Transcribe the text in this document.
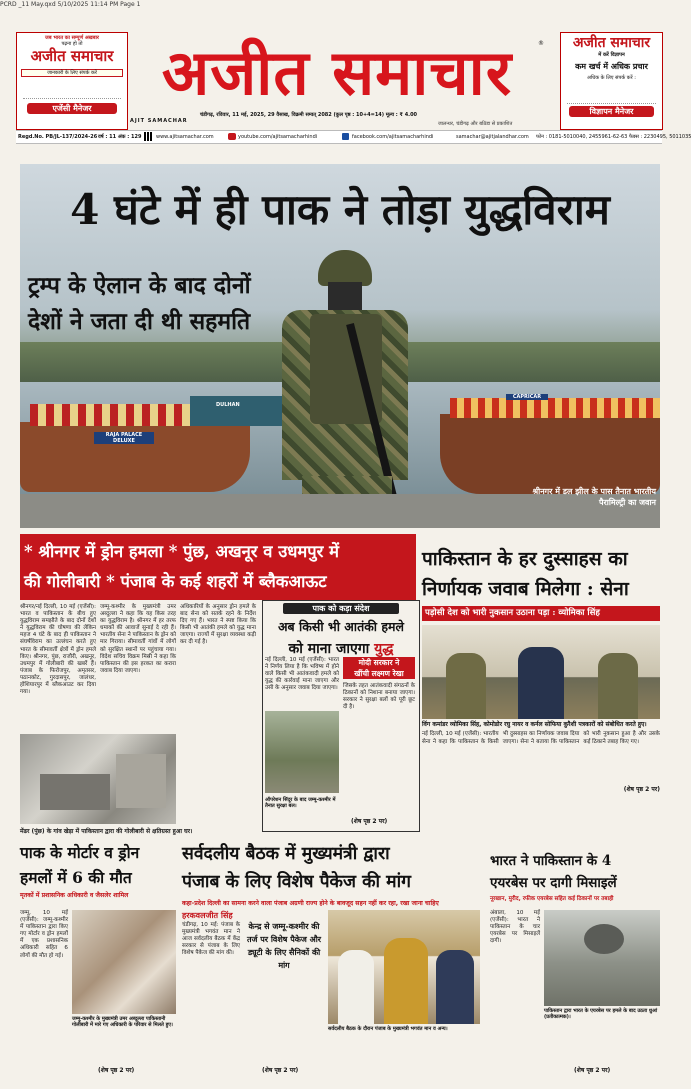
PCRD _11 May.qxd 5/10/2025 11:14 PM Page 1
जब भारत का सम्पूर्ण अखबार
पढ़ना हो तो
अजीत समाचार
जानकारी के लिए संपर्क करें
एजेंसी मैनेजर	अजीत समाचार	®	अजीत समाचार
में करें विज्ञापन
कम खर्च में अधिक प्रचार
अधिक के लिए संपर्क करें :
विज्ञापन मैनेजर
AJIT SAMACHAR
चंडीगढ़, रविवार, 11 मई, 2025, 29 वैसाख, विक्रमी सम्वत् 2082 (कुल पृष्ठ : 10+4=14) मूल्य : ₹ 4.00
जालन्धर, चंडीगढ़ और बठिंडा से प्रकाशित
Regd.No. PB/JL-137/2024-26 वर्ष : 11 अंक : 129	www.ajitsamachar.com	youtube.com/ajitsamacharhindi	facebook.com/ajitsamacharhindi	samachar@ajitjalandhar.com फोन : 0181-5010040, 2455961-62-63 फैक्स : 2230495, 5011035
RAJA PALACE DELUXE
DULHAN
CAPRICAR
4 घंटे में ही पाक ने तोड़ा युद्धविराम
ट्रम्प के ऐलान के बाद दोनों
देशों ने जता दी थी सहमति
श्रीनगर में डल झील के पास तैनात भारतीय पैरामिल्ट्री का जवान
* श्रीनगर में ड्रोन हमला * पुंछ, अखनूर व उधमपुर में
की गोलीबारी * पंजाब के कई शहरों में ब्लैकआऊट
श्रीनगर/नई दिल्ली, 10 मई (एजेंसी): भारत व पाकिस्तान के बीच हुए युद्धविराम समझौते के बाद दोनों देशों ने युद्धविराम की घोषणा की लेकिन महज 4 घंटे के बाद ही पाकिस्तान ने संघर्षविराम का उल्लंघन करते हुए भारत के सीमावर्ती क्षेत्रों में ड्रोन हमले किए। श्रीनगर, पुंछ, राजौरी, अखनूर, उधमपुर में गोलीबारी की खबरें हैं। पंजाब के फिरोजपुर, अमृतसर, पठानकोट, गुरदासपुर, जालंधर, होशियारपुर में ब्लैकआउट कर दिया गया।
जम्मू-कश्मीर के मुख्यमंत्री उमर अब्दुल्ला ने कहा कि यह किस तरह का युद्धविराम है। श्रीनगर में हर तरफ धमाकों की आवाजें सुनाई दे रही हैं। भारतीय सेना ने पाकिस्तान के ड्रोन को मार गिराया। सीमावर्ती गांवों में लोगों को सुरक्षित स्थानों पर पहुंचाया गया। विदेश सचिव विक्रम मिस्री ने कहा कि पाकिस्तान की इस हरकत का करारा जवाब दिया जाएगा।
अधिकारियों के अनुसार ड्रोन हमले के बाद सेना को सतर्क रहने के निर्देश दिए गए हैं। भारत ने स्पष्ट किया कि किसी भी आतंकी हमले को युद्ध माना जाएगा। राज्यों में सुरक्षा व्यवस्था कड़ी कर दी गई है।
मेंढर (पुंछ) के गांव खेड़ा में पाकिस्तान द्वारा की गोलीबारी से क्षतिग्रस्त हुआ घर।
पाक को कड़ा संदेश
अब किसी भी आतंकी हमले
को माना जाएगा युद्ध
नई दिल्ली, 10 मई (एजेंसी): भारत ने निर्णय लिया है कि भविष्य में होने वाले किसी भी आतंकवादी हमले को युद्ध की कार्रवाई माना जाएगा और उसी के अनुसार जवाब दिया जाएगा।
मोदी सरकार ने
खींची लक्ष्मण रेखा
जिसके तहत आतंकवादी संगठनों के ठिकानों को निशाना बनाया जाएगा। सरकार ने सुरक्षा बलों को पूरी छूट दी है।
ऑपरेशन सिंदूर के बाद जम्मू-कश्मीर में तैनात सुरक्षा बल।
(शेष पृष्ठ 2 पर)
पाकिस्तान के हर दुस्साहस का
निर्णायक जवाब मिलेगा : सेना
पड़ोसी देश को भारी नुकसान उठाना पड़ा : व्योमिका सिंह
विंग कमांडर व्योमिका सिंह, कोमोडोर रघु नायर व कर्नल सोफिया कुरैशी पत्रकारों को संबोधित करते हुए।
नई दिल्ली, 10 मई (एजेंसी): भारतीय सेना ने कहा कि पाकिस्तान के किसी भी दुस्साहस का निर्णायक जवाब दिया जाएगा। सेना ने बताया कि पाकिस्तान को भारी नुकसान हुआ है और उसके कई ठिकाने तबाह किए गए।
(शेष पृष्ठ 2 पर)
पाक के मोर्टार व ड्रोन
हमलों में 6 की मौत
मृतकों में प्रशासनिक अधिकारी व जैसलेर शामिल
जम्मू, 10 मई (एजेंसी): जम्मू-कश्मीर में पाकिस्तान द्वारा किए गए मोर्टार व ड्रोन हमलों में एक प्रशासनिक अधिकारी सहित 6 लोगों की मौत हो गई।
जम्मू-कश्मीर के मुख्यमंत्री उमर अब्दुल्ला पाकिस्तानी गोलीबारी में मारे गए अधिकारी के परिवार से मिलते हुए।
(शेष पृष्ठ 2 पर)
सर्वदलीय बैठक में मुख्यमंत्री द्वारा
पंजाब के लिए विशेष पैकेज की मांग
कहा-प्रदेश दिल्ली का सामना करने वाला पंजाब अग्रणी राज्य होने के बावजूद सहन नहीं कर रहा, रखा जाना चाहिए
हरकवलजीत सिंह
चंडीगढ़, 10 मई: पंजाब के मुख्यमंत्री भगवंत मान ने आज सर्वदलीय बैठक में केंद्र सरकार से पंजाब के लिए विशेष पैकेज की मांग की।
केन्द्र से जम्मू-कश्मीर की तर्ज पर विशेष पैकेज और ड्यूटी के लिए सैनिकों की मांग
सर्वदलीय बैठक के दौरान पंजाब के मुख्यमंत्री भगवंत मान व अन्य।
(शेष पृष्ठ 2 पर)
भारत ने पाकिस्तान के 4
एयरबेस पर दागी मिसाइलें
नूरखान, मुरीद, रफीक एयरबेस सहित कई ठिकानों पर तबाही
अंबाला, 10 मई (एजेंसी): भारत ने पाकिस्तान के चार एयरबेस पर मिसाइलें दागी।
पाकिस्तान द्वारा भारत के एयरबेस पर हमले के बाद उठता धुआं (प्रतीकात्मक)।
(शेष पृष्ठ 2 पर)
